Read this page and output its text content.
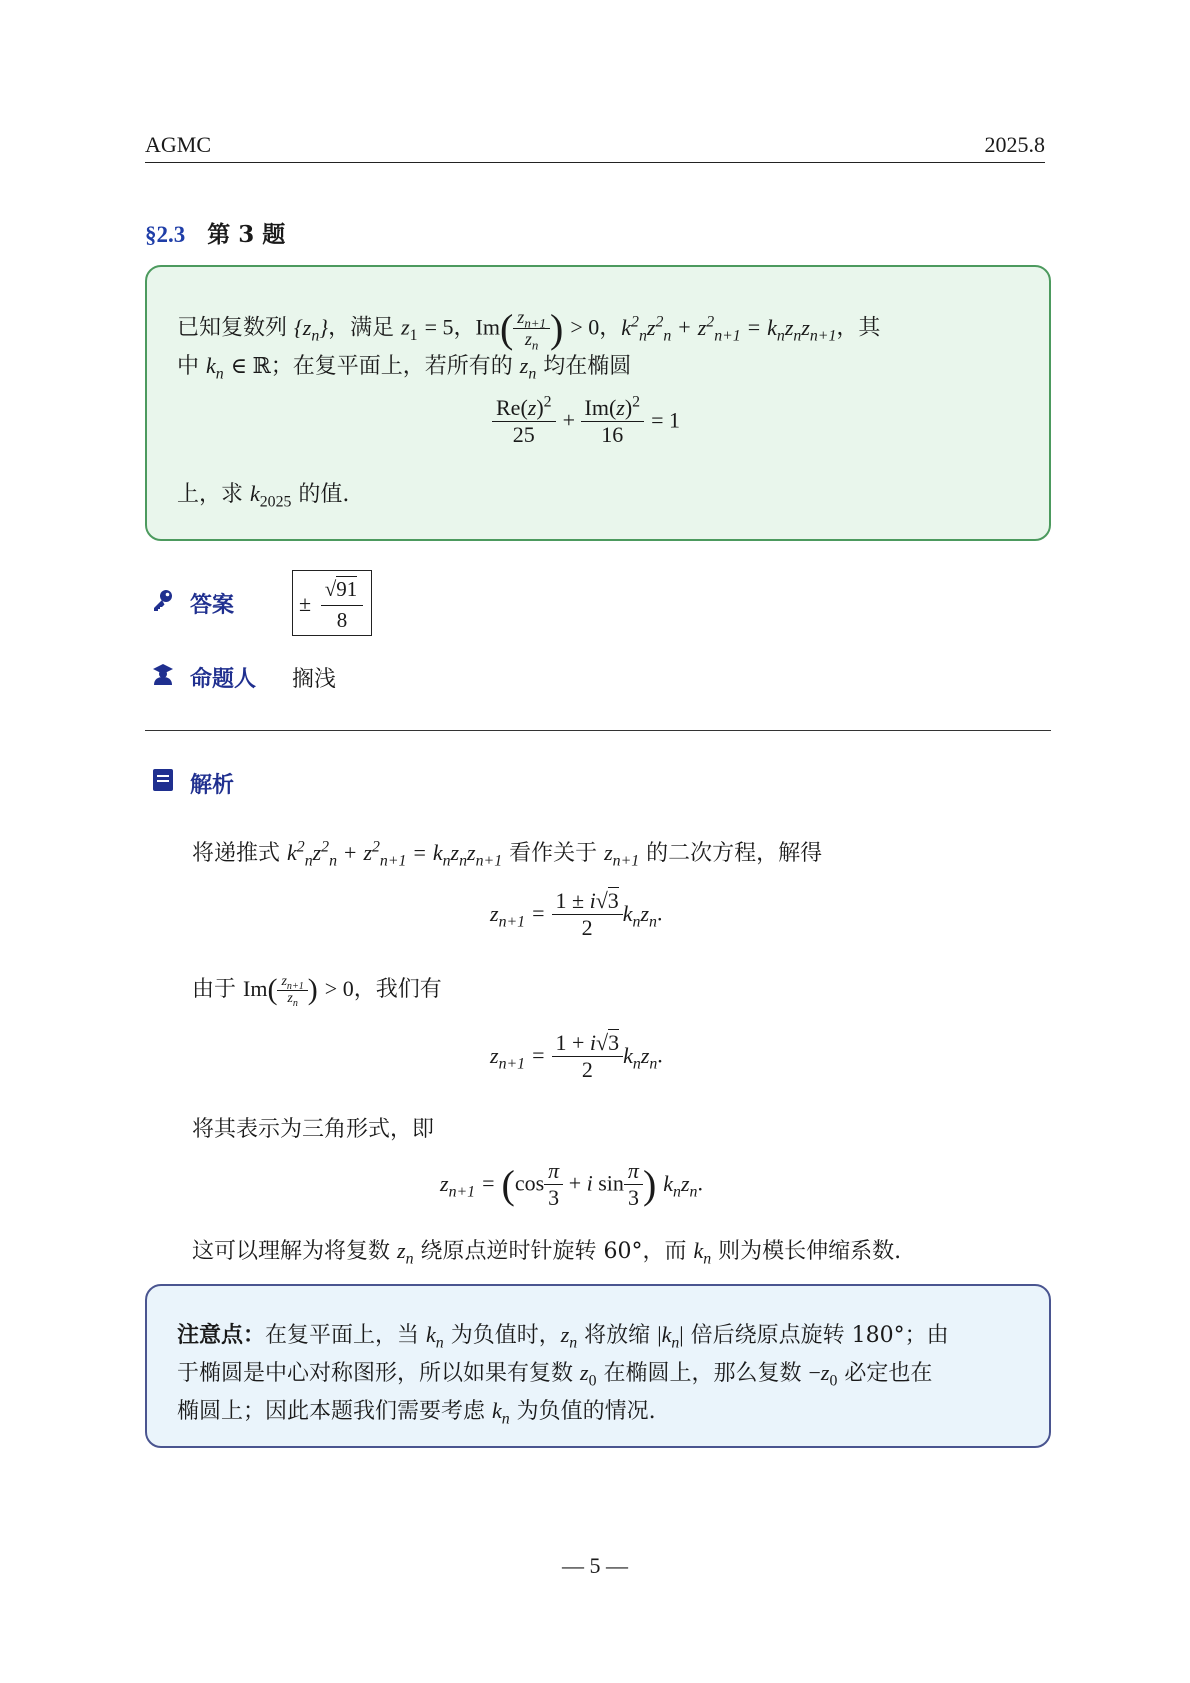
AGMC	2025.8
§2.3 第 3 题
已知复数列 $\{z_n\}$，满足 $z_1 = 5$，$Im( \frac{z_{n+1}}{z_n}$ ) > 0，$k^2_nz^2_n + z^2_{n+1} = k_nz_nz_{n+1}$，其
中 $k_n$ ∈ ℝ；在复平面上，若所有的 $z_n$ 均在椭圆
$\frac{Re(z)^2}{25} + \frac{Im(z)^2}{16} = 1$
上，求 $k_{2025}$ 的值.
答案	±
√91
8
命题人 搁浅
解析
将递推式 $k^2_nz^2_n + z^2_{n+1} = k_nz_nz_{n+1}$ 看作关于 $z_{n+1}$ 的二次方程，解得
$z_{n+1} = \frac{1 \pm i√3}{2} k_nz_n$.
由于 $Im( \frac{z_{n+1}}{z_n}$ ) > 0，我们有
$z_{n+1} = \frac{1 + i√3}{2} k_nz_n$.
将其表示为三角形式，即
$z_{n+1} = (\cos \frac{\pi}{3} + i$ $\sin \frac{\pi}{3}$ ) $k_nz_n$.
这可以理解为将复数 $z_n$ 绕原点逆时针旋转 60°，而 $k_n$ 则为模长伸缩系数.
注意点：在复平面上，当 $k_n$ 为负值时，$z_n$ 将放缩 $|k_n|$ 倍后绕原点旋转 180°；由
于椭圆是中心对称图形，所以如果有复数 $z_0$ 在椭圆上，那么复数 $-z_0$ 必定也在
椭圆上；因此本题我们需要考虑 $k_n$ 为负值的情况.
— 5 —
